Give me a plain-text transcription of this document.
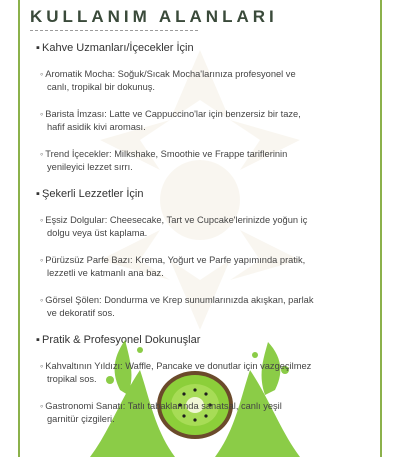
KULLANIM ALANLARI
▪ Kahve Uzmanları/İçecekler İçin
◦ Aromatik Mocha: Soğuk/Sıcak Mocha'larınıza profesyonel ve
canlı, tropikal bir dokunuş.
◦ Barista İmzası: Latte ve Cappuccino'lar için benzersiz bir taze,
hafif asidik kivi aroması.
◦ Trend İçecekler: Milkshake, Smoothie ve Frappe tariflerinin
yenileyici lezzet sırrı.
▪ Şekerli Lezzetler İçin
◦ Eşsiz Dolgular: Cheesecake, Tart ve Cupcake'lerinizde yoğun iç
dolgu veya üst kaplama.
◦ Pürüzsüz Parfe Bazı: Krema, Yoğurt ve Parfe yapımında pratik,
lezzetli ve katmanlı ana baz.
◦ Görsel Şölen: Dondurma ve Krep sunumlarınızda akışkan, parlak
ve dekoratif sos.
▪ Pratik & Profesyonel Dokunuşlar
◦ Kahvaltının Yıldızı: Waffle, Pancake ve donutlar için vazgeçilmez
tropikal sos.
◦ Gastronomi Sanatı: Tatlı tabaklarında sanatsal, canlı yeşil
garnitür çizgileri.
